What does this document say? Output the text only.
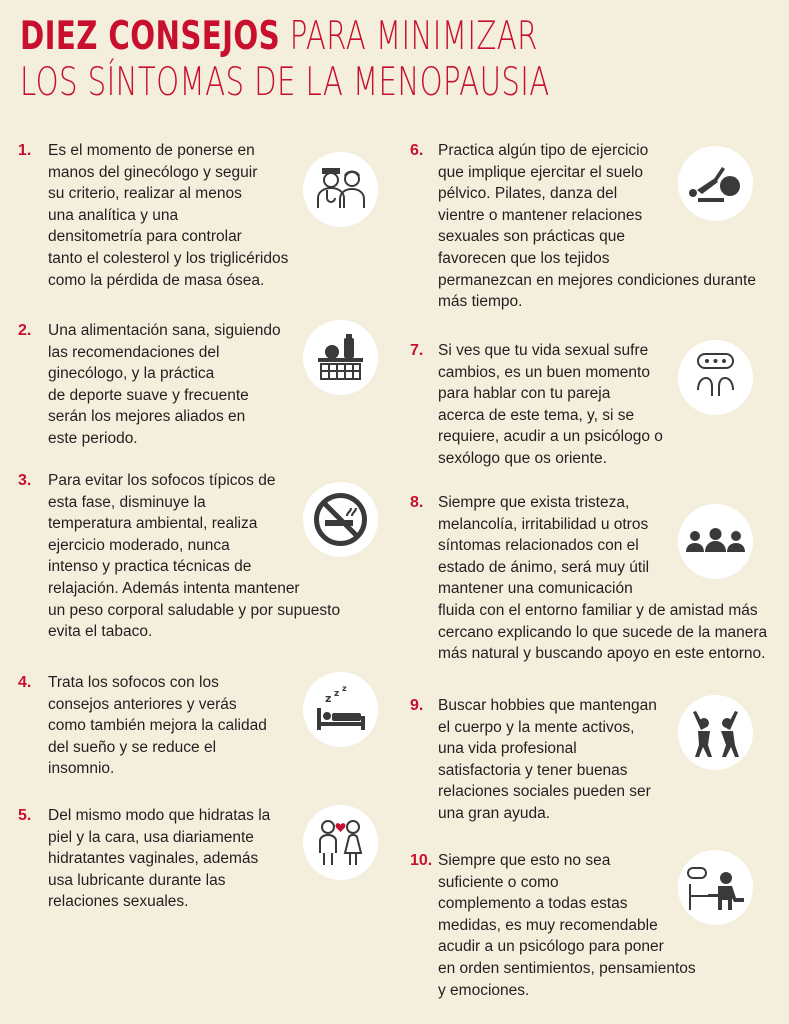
DIEZ CONSEJOS PARA MINIMIZAR LOS SÍNTOMAS DE LA MENOPAUSIA
1. Es el momento de ponerse en
manos del ginecólogo y seguir
su criterio, realizar al menos
una analítica y una
densitometría para controlar
tanto el colesterol y los triglicéridos
como la pérdida de masa ósea.

2. Una alimentación sana, siguiendo
las recomendaciones del
ginecólogo, y la práctica
de deporte suave y frecuente
serán los mejores aliados en
este periodo.

3. Para evitar los sofocos típicos de
esta fase, disminuye la
temperatura ambiental, realiza
ejercicio moderado, nunca
intenso y practica técnicas de
relajación. Además intenta mantener
un peso corporal saludable y por supuesto
evita el tabaco.

4. Trata los sofocos con los
consejos anteriores y verás
como también mejora la calidad
del sueño y se reduce el
insomnio.

z z
z
5. Del mismo modo que hidratas la
piel y la cara, usa diariamente
hidratantes vaginales, además
usa lubricante durante las
relaciones sexuales.

6. Practica algún tipo de ejercicio
que implique ejercitar el suelo
pélvico. Pilates, danza del
vientre o mantener relaciones
sexuales son prácticas que
favorecen que los tejidos
permanezcan en mejores condiciones durante
más tiempo.

7. Si ves que tu vida sexual sufre
cambios, es un buen momento
para hablar con tu pareja
acerca de este tema, y, si se
requiere, acudir a un psicólogo o
sexólogo que os oriente.

8. Siempre que exista tristeza,
melancolía, irritabilidad u otros
síntomas relacionados con el
estado de ánimo, será muy útil
mantener una comunicación
fluida con el entorno familiar y de amistad más
cercano explicando lo que sucede de la manera
más natural y buscando apoyo en este entorno.

9. Buscar hobbies que mantengan
el cuerpo y la mente activos,
una vida profesional
satisfactoria y tener buenas
relaciones sociales pueden ser
una gran ayuda.

10. Siempre que esto no sea
suficiente o como
complemento a todas estas
medidas, es muy recomendable
acudir a un psicólogo para poner
en orden sentimientos, pensamientos
y emociones.
